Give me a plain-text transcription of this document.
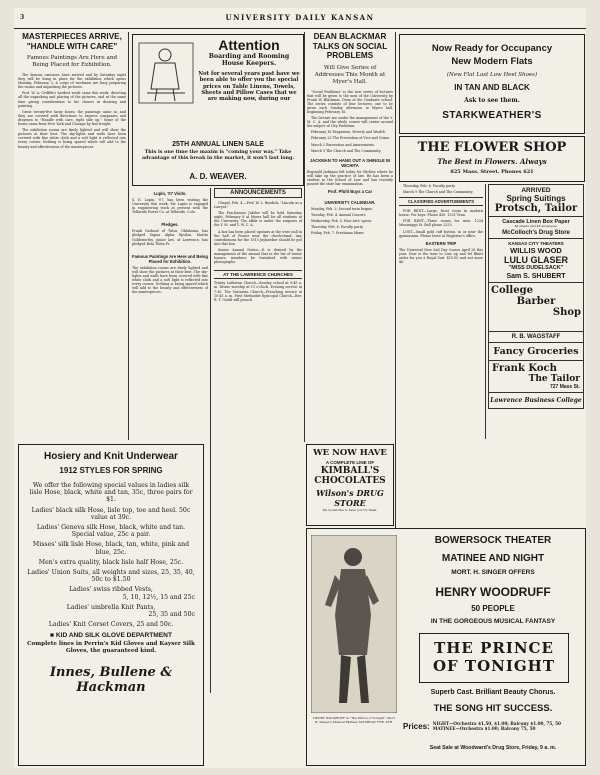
3	UNIVERSITY DAILY KANSAN
MASTERPIECES ARRIVE, "HANDLE WITH CARE"
Famous Paintings Are Here and Being Placed for Exhibition.

The famous canvases have arrived and by Saturday night they will be hung in place for the exhibition which opens Monday, February 3. A corps of workmen are busy preparing the rooms and unpacking the pictures.

Prof. W. A. Griffith's hardest week came this week, directing all the unpacking and placing of the pictures, and at the same time giving consideration to his classes in drawing and painting.

Great twenty-five large boxes, the paintings came in, and they are covered with directions to express companies and draymen to "Handle with care, right side up." Some of the boxes came from New York and Chicago by fast freight.

The exhibition rooms are finely lighted and will show the pictures at their best. The sky-lights and walls have been covered with fine white cloth and a soft light is reflected into every corner. Nothing is being spared which will add to the beauty and effectiveness of the masterpieces.

Attention
Boarding and Rooming House Keepers.
Not for several years past have we been able to offer you the special prices on Table Linens, Towels, Sheets and Pillow Cases that we are making now, during our
25TH ANNUAL LINEN SALE
This is one time the maxim is "coming your way." Take advantage of this break in the market, it won't last long.
A. D. WEAVER.
Lupin, '07 Visits.
S. E. Lupin, '07, has been visiting the University this week. Mr. Lupin is engaged in engineering work at present with the Telluride Power Co. at Telluride, Colo.
Pledges.
Frank Garlund of Tulsa, Oklahoma, has pledged Sigma Alpha Epsilon. Martin Goldsworthy, junior law, of Lawrence, has pledged Beta Theta Pi.
Famous Paintings Are Here and Being Placed for Exhibition.
The exhibition rooms are finely lighted and will show the pictures at their best. The sky-lights and walls have been covered with fine white cloth and a soft light is reflected into every corner. Nothing is being spared which will add to the beauty and effectiveness of the masterpieces.
ANNOUNCEMENTS

Chapel, Feb. 4.—Prof. W. L. Burdick, "Lincoln as a Lawyer."

The Pan-Kansas Jubilee will be held Saturday night, February 8 at Myers hall for all students at the University. The affair is under the auspices of the Y. M. and Y. W. C. A.

A box has been placed upstairs at the west wall in the hall of Fraser near the check-stand. Any contributions for the 1913 Jayhawker should be put into this box.

Senior Annual Notice—It is desired by the management of the annual that in the list of senior honors, members be furnished with senior photographs.

AT THE LAWRENCE CHURCHES
Trinity Lutheran Church—Sunday school at 9:45 a. m. Divine worship at 11 o'clock. Evening service at 7:30. The Unitarian Church—Preaching service at 10:45 a. m. First Methodist Episcopal Church—Rev. R. T. Gould will preach.
DEAN BLACKMAR TALKS ON SOCIAL PROBLEMS
Will Give Series of Addresses This Month at Myer's Hall.

"Social Problems" is the new series of lectures that will be given to the men of the University by Frank W. Blackmar, Dean of the Graduate school. The series consists of four lectures, one to be given each Sunday afternoon in Myers hall, beginning February 16.

The lecture are under the management of the Y. M. C. A. and the whole course will center around the subject of City Problems.

February 16 Pauperism. Poverty and Wealth.

February 23 The Prevention of Vice and Crime.

March 2 Recreation and Amusements.

March 9 The Church and The Community.

JACKMAN TO HANG OUT A SHINGLE IN WICHITA
Reginald Jackman left today for Wichita where he will take up the practice of law. He has been a student in the School of Law and has recently passed the state bar examination.
Prof. Pfuhl Buys a Car
UNIVERSITY CALENDAR.

Monday, Feb. 3. Second term begins.

Tuesday, Feb. 4. Annual Concert.

Wednesday, Feb. 5. Fine Arts' opera.

Thursday, Feb. 6. Faculty party.

Friday, Feb. 7. Freshman Mixer.

Now Ready for Occupancy
New Modern Flats
(New Flat Last Low Heel Shoes)
IN TAN AND BLACK
Ask to see them.
STARKWEATHER'S
THE FLOWER SHOP
The Best in Flowers. Always
825 Mass. Street. Phones 621

Thursday, Feb. 6. Faculty party.

March 9 The Church and The Community.

CLASSIFIED ADVERTISEMENTS

FOR RENT—Large, front room in modern house. For boys. Phone 430. 1331 Tenn.

FOR RENT—Three rooms for men. 1234 Mississippi St. Bell phone 2253.

LOST—Small gold cuff button, in or near the gymnasium. Please leave at Registrar's office.

EASTERN TRIP
The Universal New Sail Day Comes April 26 this year. Now is the time to Line up and let Bluitt order for you a Royal Suit. $15.00 and not more $6.
ARRIVED
Spring Suitings
Protsch, Tailor
Cascade Linen Box Paper
48 sheets and 48 envelopes.
McColloch's Drug Store
KANSAS CITY THEATERS
WILLIS WOOD
LULU GLASER
"MISS DUDELSACK"
Sam S. SHUBERT
College
Barber
Shop
R. B. WAGSTAFF
Fancy Groceries
Frank Koch
The Tailor
727 Mass St.
Lawrence Business College
Hosiery and Knit Underwear
1912 STYLES FOR SPRING

We offer the following special values in ladies silk lisle Hose, black, white and tan, 35c, three pairs for $1.

Ladies' black silk Hose, lisle top, toe and heel. 50c value at 39c.

Ladies' Geneva silk Hose, black, white and tan. Special value, 25c a pair.

Misses' silk lisle Hose, black, tan, white, pink and blue, 25c.

Men's extra quality, black lisle half Hose, 25c.

Ladies' Union Suits, all weights and sizes, 25, 35, 40, 50c to $1.50

Ladies' swiss ribbed Vests,

5, 10, 12½, 15 and 25c

Ladies' umbrella Knit Pants,

25, 35 and 50c

Ladies' Knit Corset Covers, 25 and 50c.

■ KID AND SILK GLOVE DEPARTMENT
Complete lines in Perrin's Kid Gloves and Kayser Silk Gloves, the guaranteed kind.
Innes, Bullene & Hackman
WE NOW HAVE
A COMPLETE LINE OF
KIMBALL'S
CHOCOLATES
Wilson's DRUG STORE
We would like to have you try them.
BOWERSOCK THEATER
MATINEE AND NIGHT
MORT. H. SINGER OFFERS
HENRY WOODRUFF
50 PEOPLE
IN THE GORGEOUS MUSICAL FANTASY
THE PRINCE
OF TONIGHT
Superb Cast. Brilliant Beauty Chorus.
THE SONG HIT SUCCESS.
Prices: NIGHT—Orchestra $1.50, $1.00; Balcony $1.00, 75, 50 MATINEE—Orchestra $1.00; Balcony 75, 50
Seat Sale at Woodward's Drug Store, Friday, 9 a. m.
HENRY WOODRUFF in "The Prince of Tonight." Mort H. Singer's Musical Fantasy SATURDAY, FEB. 8TH.
